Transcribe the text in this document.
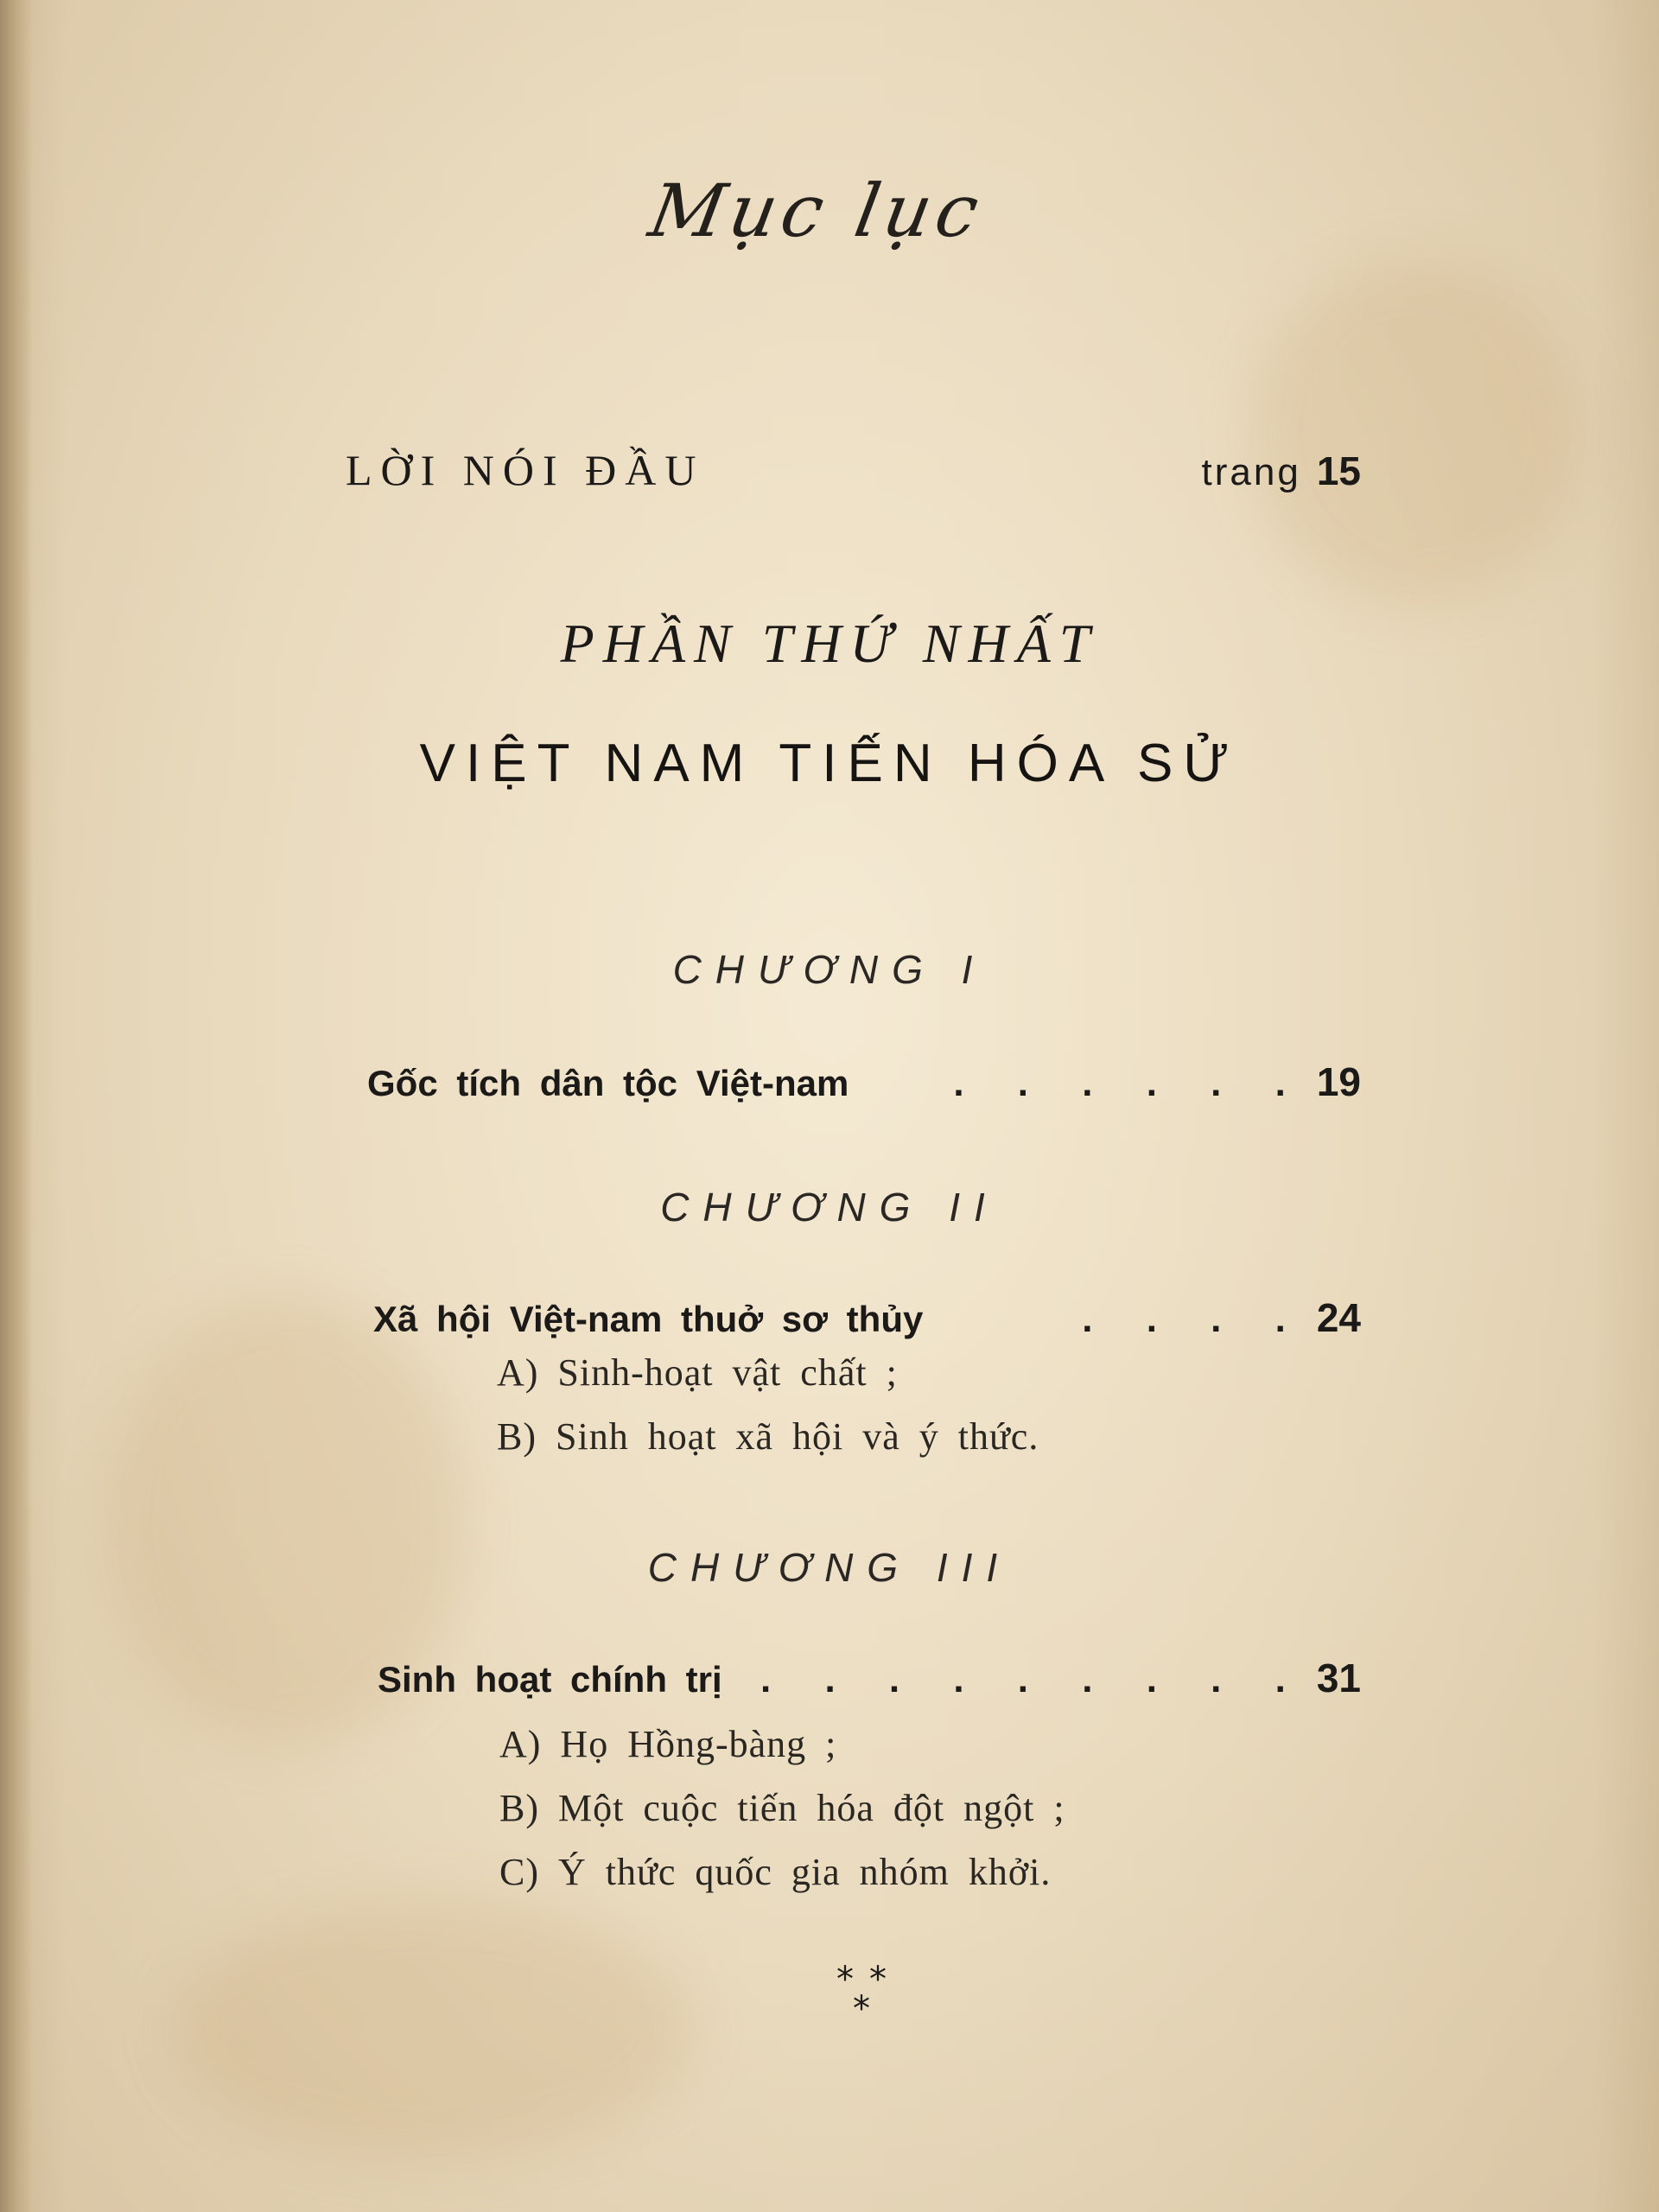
Mục lục
LỜI NÓI ĐẦU	trang 15
PHẦN THỨ NHẤT
VIỆT NAM TIẾN HÓA SỬ
CHƯƠNG I
Gốc tích dân tộc Việt-nam	. . . . . . 19
CHƯƠNG II
Xã hội Việt-nam thuở sơ thủy	. . . . 24
A) Sinh-hoạt vật chất ;
B) Sinh hoạt xã hội và ý thức.
CHƯƠNG III
Sinh hoạt chính trị	. . . . . . . . . 31
A) Họ Hồng-bàng ;
B) Một cuộc tiến hóa đột ngột ;
C) Ý thức quốc gia nhóm khởi.
* *
*
